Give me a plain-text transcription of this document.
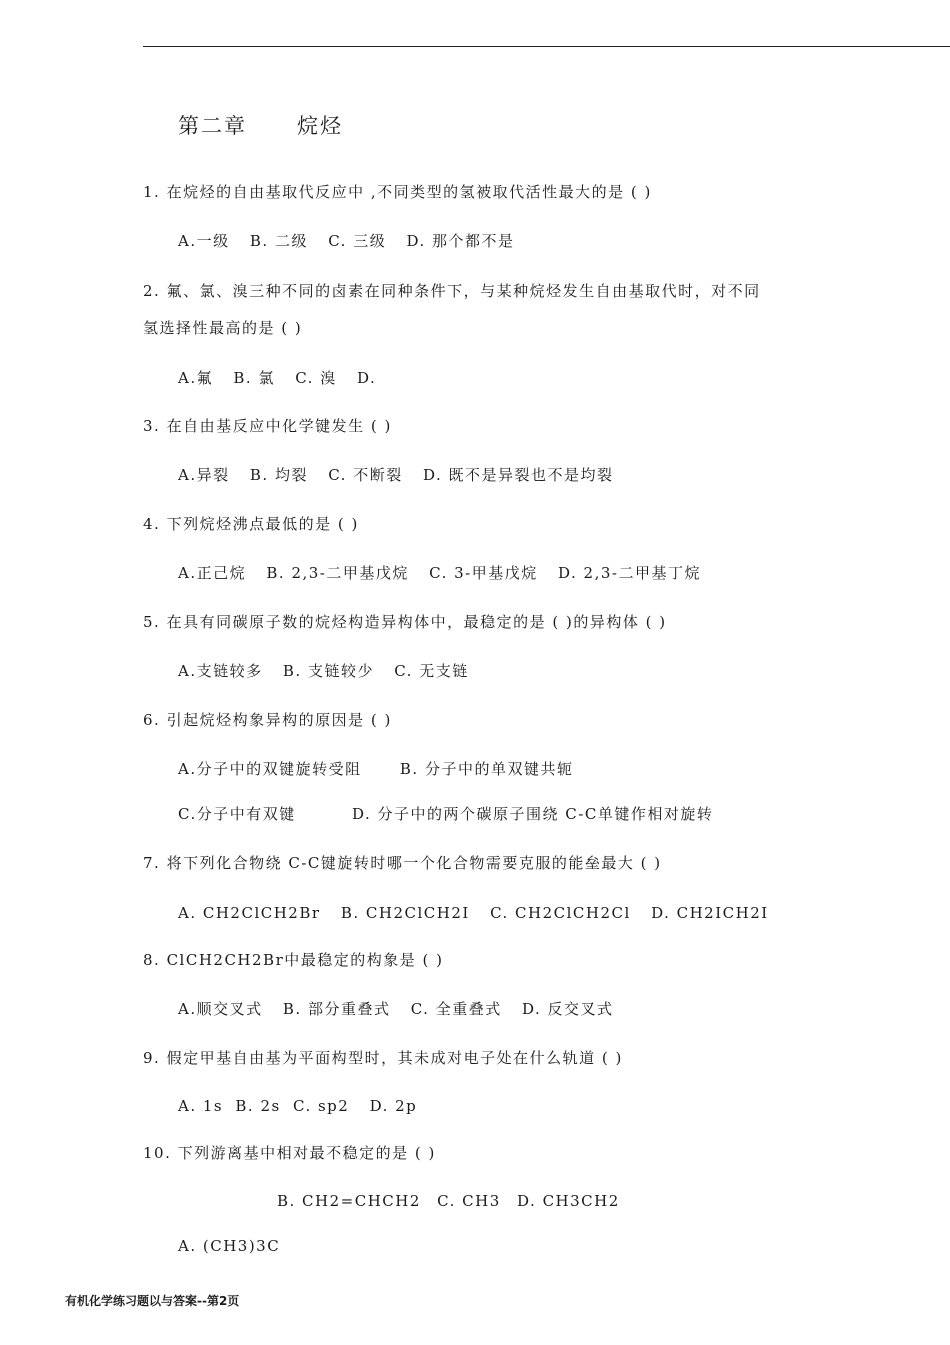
第二章 烷烃
1. 在烷烃的自由基取代反应中 ,不同类型的氢被取代活性最大的是 ( )
A.一级 B. 二级 C. 三级 D. 那个都不是
2. 氟、氯、溴三种不同的卤素在同种条件下，与某种烷烃发生自由基取代时，对不同
氢选择性最高的是 ( )
A.氟 B. 氯 C. 溴 D.
3. 在自由基反应中化学键发生 ( )
A.异裂 B. 均裂 C. 不断裂 D. 既不是异裂也不是均裂
4. 下列烷烃沸点最低的是 ( )
A.正己烷 B. 2,3-二甲基戊烷 C. 3-甲基戊烷 D. 2,3-二甲基丁烷
5. 在具有同碳原子数的烷烃构造异构体中，最稳定的是 ( )的异构体 ( )
A.支链较多 B. 支链较少 C. 无支链
6. 引起烷烃构象异构的原因是 ( )
A.分子中的双键旋转受阻	B. 分子中的单双键共轭
C.分子中有双键	D. 分子中的两个碳原子围绕 C-C单键作相对旋转
7. 将下列化合物绕 C-C键旋转时哪一个化合物需要克服的能垒最大 ( )
A. CH2ClCH2Br B. CH2ClCH2I C. CH2ClCH2Cl D. CH2ICH2I
8. ClCH2CH2Br中最稳定的构象是 ( )
A.顺交叉式 B. 部分重叠式 C. 全重叠式 D. 反交叉式
9. 假定甲基自由基为平面构型时，其未成对电子处在什么轨道 ( )
A. 1s B. 2s C. sp2 D. 2p
10. 下列游离基中相对最不稳定的是 ( )
B. CH2=CHCH2 C. CH3 D. CH3CH2
A. (CH3)3C
有机化学练习题以与答案--第2页
